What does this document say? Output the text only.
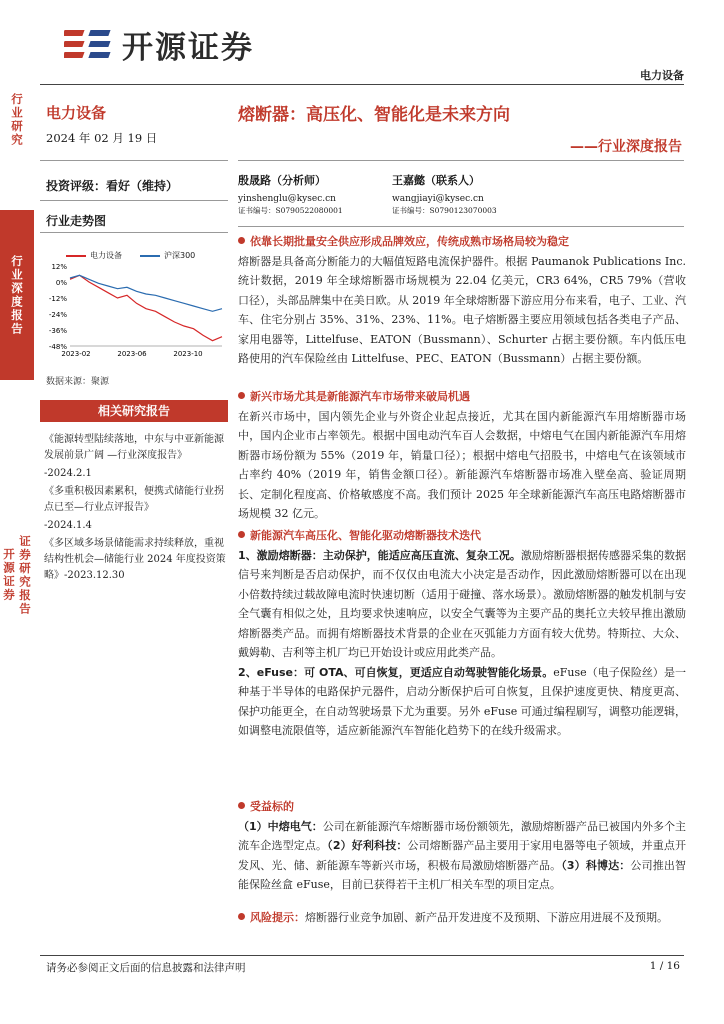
行业研究
行业深度报告
开源证券 证券研究报告
开源证券
电力设备
电力设备
2024 年 02 月 19 日
投资评级：看好（维持）
行业走势图
电力设备	沪深300
12%
0%
-12%
-24%
-36%
-48%
2023-02	2023-06	2023-10
数据来源：聚源
相关研究报告

《能源转型陆续落地，中东与中亚新能源发展前景广阔 —行业深度报告》

-2024.2.1

《多重积极因素累积，便携式储能行业拐点已至—行业点评报告》

-2024.1.4

《多区域多场景储能需求持续释放，重视结构性机会—储能行业 2024 年度投资策略》-2023.12.30

熔断器：高压化、智能化是未来方向
——行业深度报告
殷晟路（分析师）
yinshenglu@kysec.cn
证书编号：S0790522080001
王嘉懿（联系人）
wangjiayi@kysec.cn
证书编号：S0790123070003
依靠长期批量安全供应形成品牌效应，传统成熟市场格局较为稳定
熔断器是具备高分断能力的大幅值短路电流保护器件。根据 Paumanok Publications Inc.统计数据，2019 年全球熔断器市场规模为 22.04 亿美元，CR3 64%，CR5 79%（营收口径），头部品牌集中在美日欧。从 2019 年全球熔断器下游应用分布来看，电子、工业、汽车、住宅分别占 35%、31%、23%、11%。电子熔断器主要应用领域包括各类电子产品、家用电器等，Littelfuse、EATON（Bussmann）、Schurter 占据主要份额。车内低压电路使用的汽车保险丝由 Littelfuse、PEC、EATON（Bussmann）占据主要份额。
新兴市场尤其是新能源汽车市场带来破局机遇
在新兴市场中，国内领先企业与外资企业起点接近，尤其在国内新能源汽车用熔断器市场中，国内企业市占率领先。根据中国电动汽车百人会数据，中熔电气在国内新能源汽车用熔断器市场份额为 55%（2019 年，销量口径）；根据中熔电气招股书，中熔电气在该领域市占率约 40%（2019 年，销售金额口径）。新能源汽车熔断器市场准入壁垒高、验证周期长、定制化程度高、价格敏感度不高。我们预计 2025 年全球新能源汽车高压电路熔断器市场规模 32 亿元。
新能源汽车高压化、智能化驱动熔断器技术迭代
1、激励熔断器：主动保护，能适应高压直流、复杂工况。激励熔断器根据传感器采集的数据信号来判断是否启动保护，而不仅仅由电流大小决定是否动作，因此激励熔断器可以在出现小倍数持续过载故障电流时快速切断（适用于碰撞、落水场景）。激励熔断器的触发机制与安全气囊有相似之处，且均要求快速响应，以安全气囊等为主要产品的奥托立夫较早推出激励熔断器类产品。而拥有熔断器技术背景的企业在灭弧能力方面有较大优势。特斯拉、大众、戴姆勒、吉利等主机厂均已开始设计或应用此类产品。
2、eFuse：可 OTA、可自恢复，更适应自动驾驶智能化场景。eFuse（电子保险丝）是一种基于半导体的电路保护元器件，启动分断保护后可自恢复，且保护速度更快、精度更高、保护功能更全，在自动驾驶场景下尤为重要。另外 eFuse 可通过编程刷写，调整功能逻辑，如调整电流限值等，适应新能源汽车智能化趋势下的在线升级需求。
受益标的
（1）中熔电气：公司在新能源汽车熔断器市场份额领先，激励熔断器产品已被国内外多个主流车企选型定点。（2）好利科技：公司熔断器产品主要用于家用电器等电子领域，并重点开发风、光、储、新能源车等新兴市场，积极布局激励熔断器产品。（3）科博达：公司推出智能保险丝盒 eFuse，目前已获得若干主机厂相关车型的项目定点。
风险提示：熔断器行业竞争加剧、新产品开发进度不及预期、下游应用进展不及预期。
请务必参阅正文后面的信息披露和法律声明	1 / 16
